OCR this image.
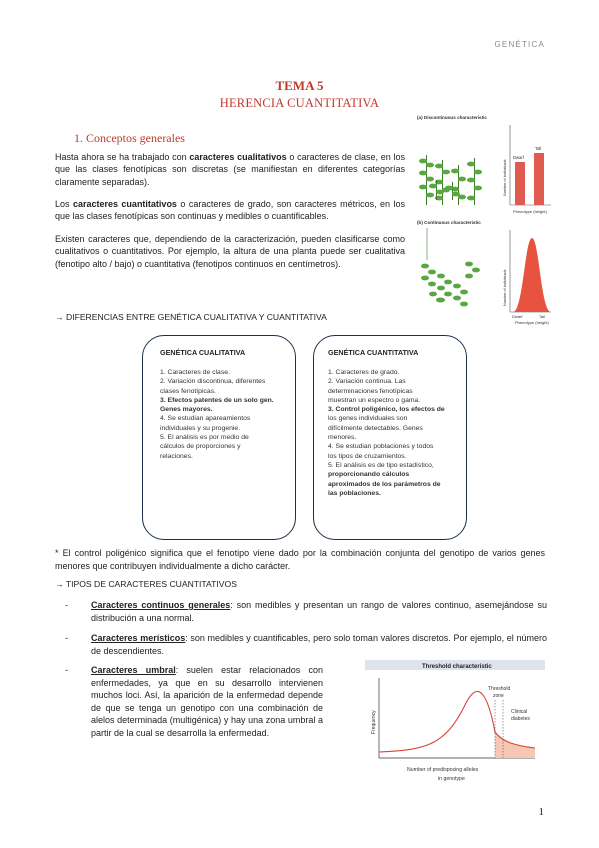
GENÉTICA
TEMA 5
HERENCIA CUANTITATIVA
1. Conceptos generales
Hasta ahora se ha trabajado con caracteres cualitativos o caracteres de clase, en los que las clases fenotípicas son discretas (se manifiestan en diferentes categorías claramente separadas).
Los caracteres cuantitativos o caracteres de grado, son caracteres métricos, en los que las clases fenotípicas son continuas y medibles o cuantificables.
Existen caracteres que, dependiendo de la caracterización, pueden clasificarse como cualitativos o cuantitativos. Por ejemplo, la altura de una planta puede ser cualitativa (fenotipo alto / bajo) o cuantitativa (fenotipos continuos en centímetros).
(a) Discontinuous characteristic
Dwarf
Tall
Number of individuals
Phenotype (height)
(b) Continuous characteristic
Number of individuals
Dwarf	Tall
Phenotype (height)
→ DIFERENCIAS ENTRE GENÉTICA CUALITATIVA Y CUANTITATIVA
GENÉTICA CUALITATIVA
1. Caracteres de clase.
2. Variación discontinua, diferentes
clases fenotípicas.
3. Efectos patentes de un solo gen.
Genes mayores.
4. Se estudian apareamientos
individuales y su progenie.
5. El análisis es por medio de
cálculos de proporciones y
relaciones.
GENÉTICA CUANTITATIVA
1. Caracteres de grado.
2. Variación continua. Las
determinaciones fenotípicas
muestran un espectro o gama.
3. Control poligénico, los efectos de
los genes individuales son
difícilmente detectables. Genes
menores.
4. Se estudian poblaciones y todos
los tipos de cruzamientos.
5. El análisis es de tipo estadístico,
proporcionando cálculos
aproximados de los parámetros de
las poblaciones.
* El control poligénico significa que el fenotipo viene dado por la combinación conjunta del genotipo de varios genes menores que contribuyen individualmente a dicho carácter.
→ TIPOS DE CARACTERES CUANTITATIVOS
-	Caracteres continuos generales: son medibles y presentan un rango de valores continuo, asemejándose su distribución a una normal.
-	Caracteres merísticos: son medibles y cuantificables, pero solo toman valores discretos. Por ejemplo, el número de descendientes.
-	Caracteres umbral: suelen estar relacionados con enfermedades, ya que en su desarrollo intervienen muchos loci. Así, la aparición de la enfermedad depende de que se tenga un genotipo con una combinación de alelos determinada (multigénica) y hay una zona umbral a partir de la cual se desarrolla la enfermedad.
Threshold characteristic
Threshold
zone
Clinical
diabetes
Frequency
Number of predisposing alleles
in genotype
1
